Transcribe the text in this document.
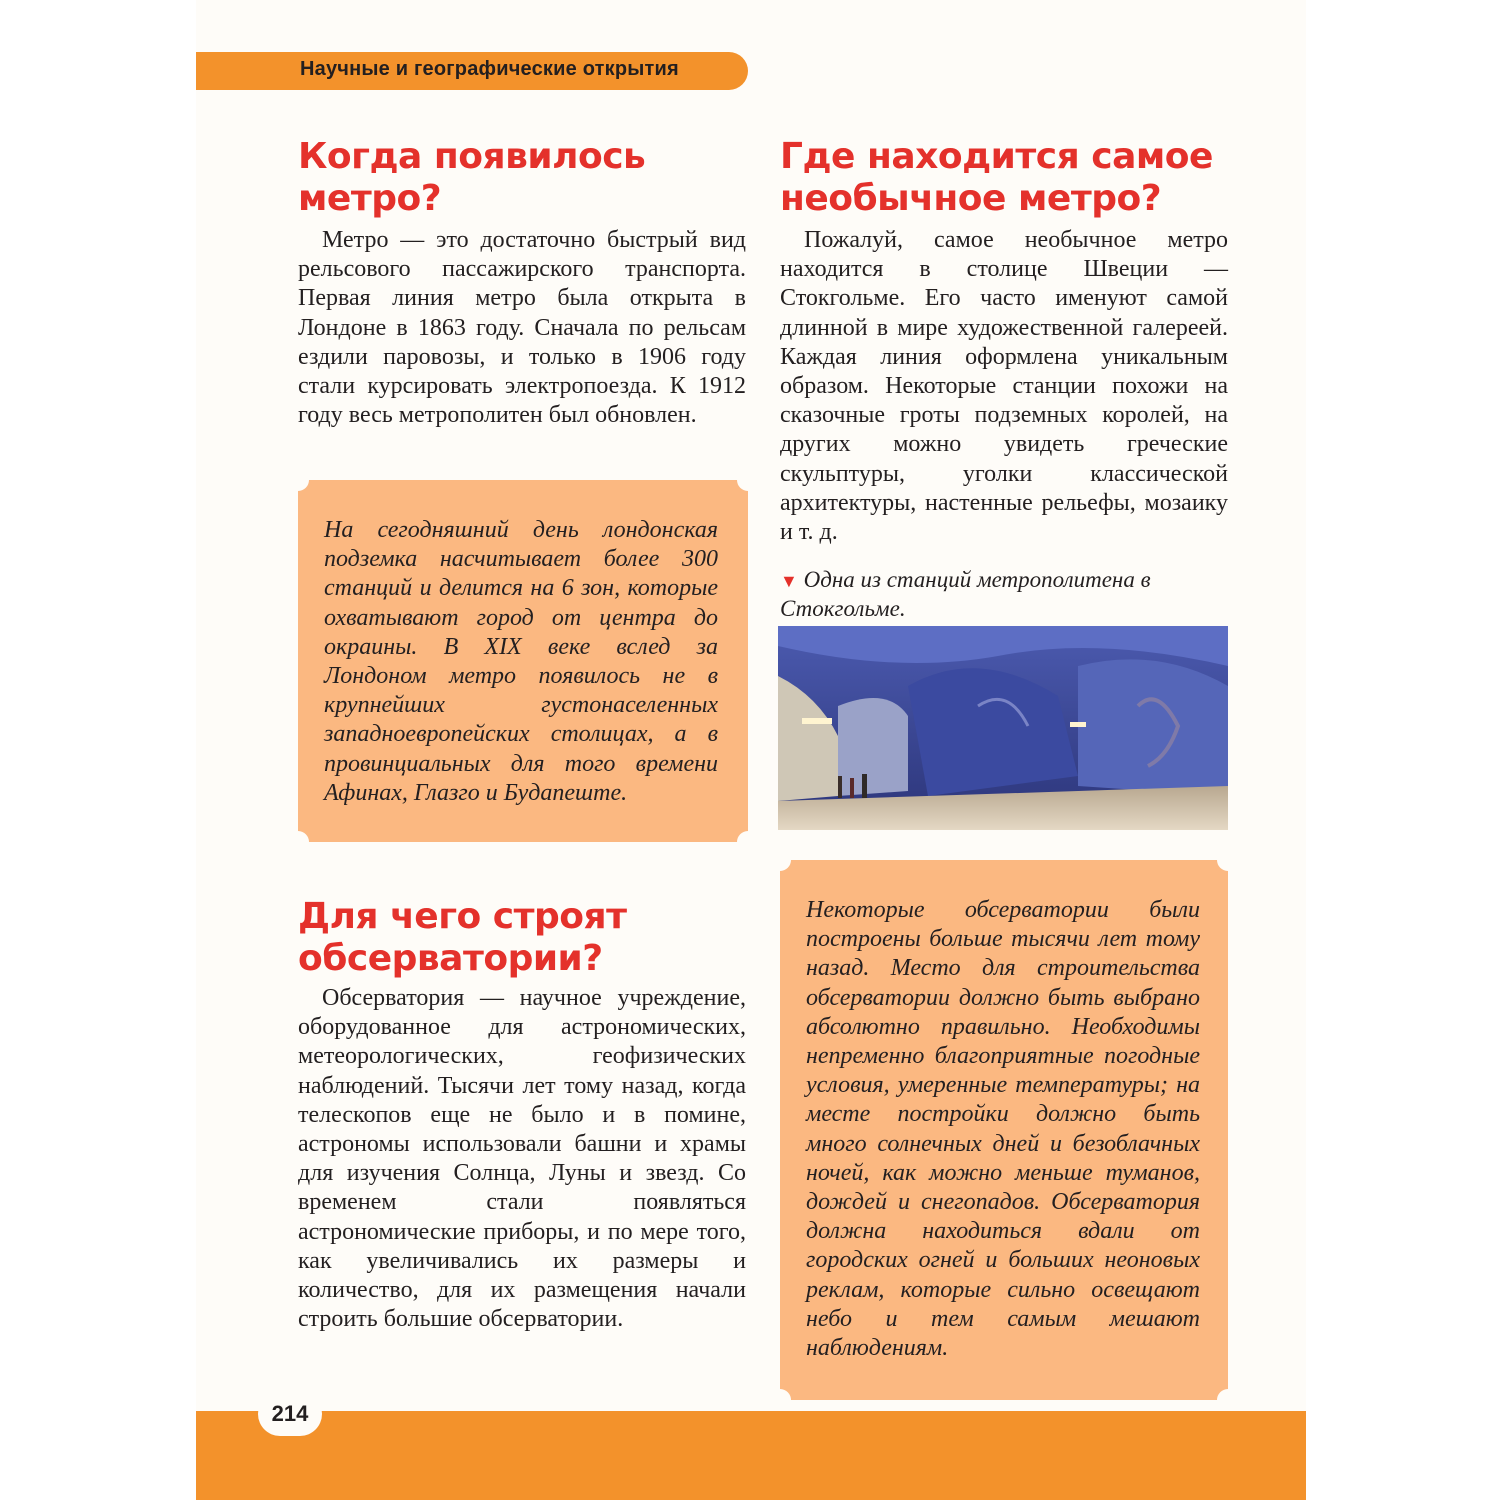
Научные и географические открытия
Когда появилось
метро?

Метро — это достаточно быстрый вид рельсового пассажирского транспорта. Первая линия метро была открыта в Лондоне в 1863 году. Сначала по рельсам ездили паровозы, и только в 1906 году стали курсировать электропоезда. К 1912 году весь метрополитен был обновлен.

На сегодняшний день лондонская подземка насчитывает более 300 станций и делится на 6 зон, которые охватывают город от центра до окраины. В XIX веке вслед за Лондоном метро появилось не в крупнейших густонаселенных западноевропейских столицах, а в провинциальных для того времени Афинах, Глазго и Будапеште.
Где находится самое
необычное метро?

Пожалуй, самое необычное метро находится в столице Швеции — Стокгольме. Его часто именуют самой длинной в мире художественной галереей. Каждая линия оформлена уникальным образом. Некоторые станции похожи на сказочные гроты подземных королей, на других можно увидеть греческие скульптуры, уголки классической архитектуры, настенные рельефы, мозаику и т. д.

▼ Одна из станций метрополитена в Стокгольме.
Для чего строят
обсерватории?

Обсерватория — научное учреждение, оборудованное для астрономических, метеорологических, геофизических наблюдений. Тысячи лет тому назад, когда телескопов еще не было и в помине, астрономы использовали башни и храмы для изучения Солнца, Луны и звезд. Со временем стали появляться астрономические приборы, и по мере того, как увеличивались их размеры и количество, для их размещения начали строить большие обсерватории.

Некоторые обсерватории были построены больше тысячи лет тому назад. Место для строительства обсерватории должно быть выбрано абсолютно правильно. Необходимы непременно благоприятные погодные условия, умеренные температуры; на месте постройки должно быть много солнечных дней и безоблачных ночей, как можно меньше туманов, дождей и снегопадов. Обсерватория должна находиться вдали от городских огней и больших неоновых реклам, которые сильно освещают небо и тем самым мешают наблюдениям.
214
